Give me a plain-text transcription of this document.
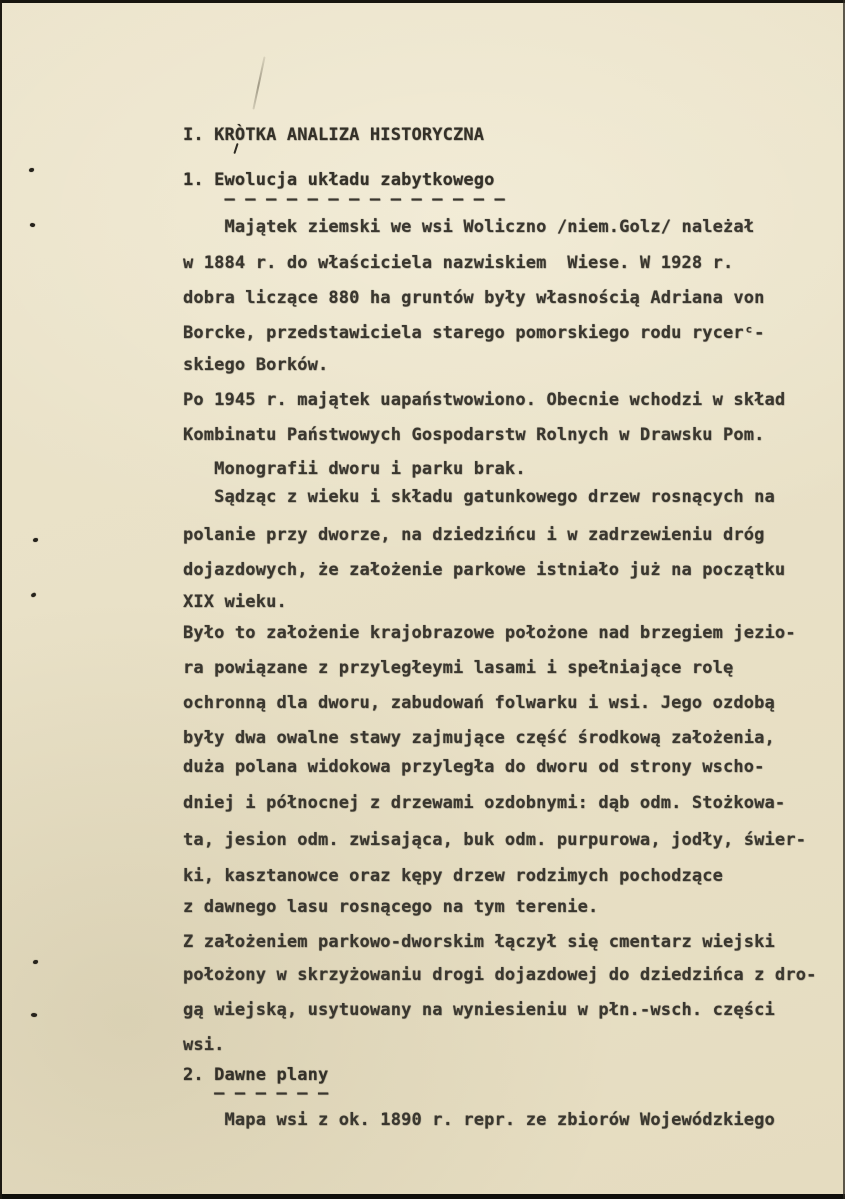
I. KRÒTKA ANALIZA HISTORYCZNA
1. Ewolucja układu zabytkowego
– – – – – – – – – – – – – –
Majątek ziemski we wsi Woliczno /niem.Golz/ należał
w 1884 r. do właściciela nazwiskiem  Wiese. W 1928 r.
dobra liczące 880 ha gruntów były własnością Adriana von
Borcke, przedstawiciela starego pomorskiego rodu rycerᶜ-
skiego Borków.
Po 1945 r. majątek uapaństwowiono. Obecnie wchodzi w skład
Kombinatu Państwowych Gospodarstw Rolnych w Drawsku Pom.
Monografii dworu i parku brak.
Sądząc z wieku i składu gatunkowego drzew rosnących na
polanie przy dworze, na dziedzińcu i w zadrzewieniu dróg
dojazdowych, że założenie parkowe istniało już na początku
XIX wieku.
Było to założenie krajobrazowe położone nad brzegiem jezio-
ra powiązane z przyległeymi lasami i spełniające rolę
ochronną dla dworu, zabudowań folwarku i wsi. Jego ozdobą
były dwa owalne stawy zajmujące część środkową założenia,
duża polana widokowa przyległa do dworu od strony wscho-
dniej i północnej z drzewami ozdobnymi: dąb odm. Stożkowa-
ta, jesion odm. zwisająca, buk odm. purpurowa, jodły, świer-
ki, kasztanowce oraz kępy drzew rodzimych pochodzące
z dawnego lasu rosnącego na tym terenie.
Z założeniem parkowo-dworskim łączył się cmentarz wiejski
położony w skrzyżowaniu drogi dojazdowej do dziedzińca z dro-
gą wiejską, usytuowany na wyniesieniu w płn.-wsch. części
wsi.
2. Dawne plany
– – – – – –
Mapa wsi z ok. 1890 r. repr. ze zbiorów Wojewódzkiego
